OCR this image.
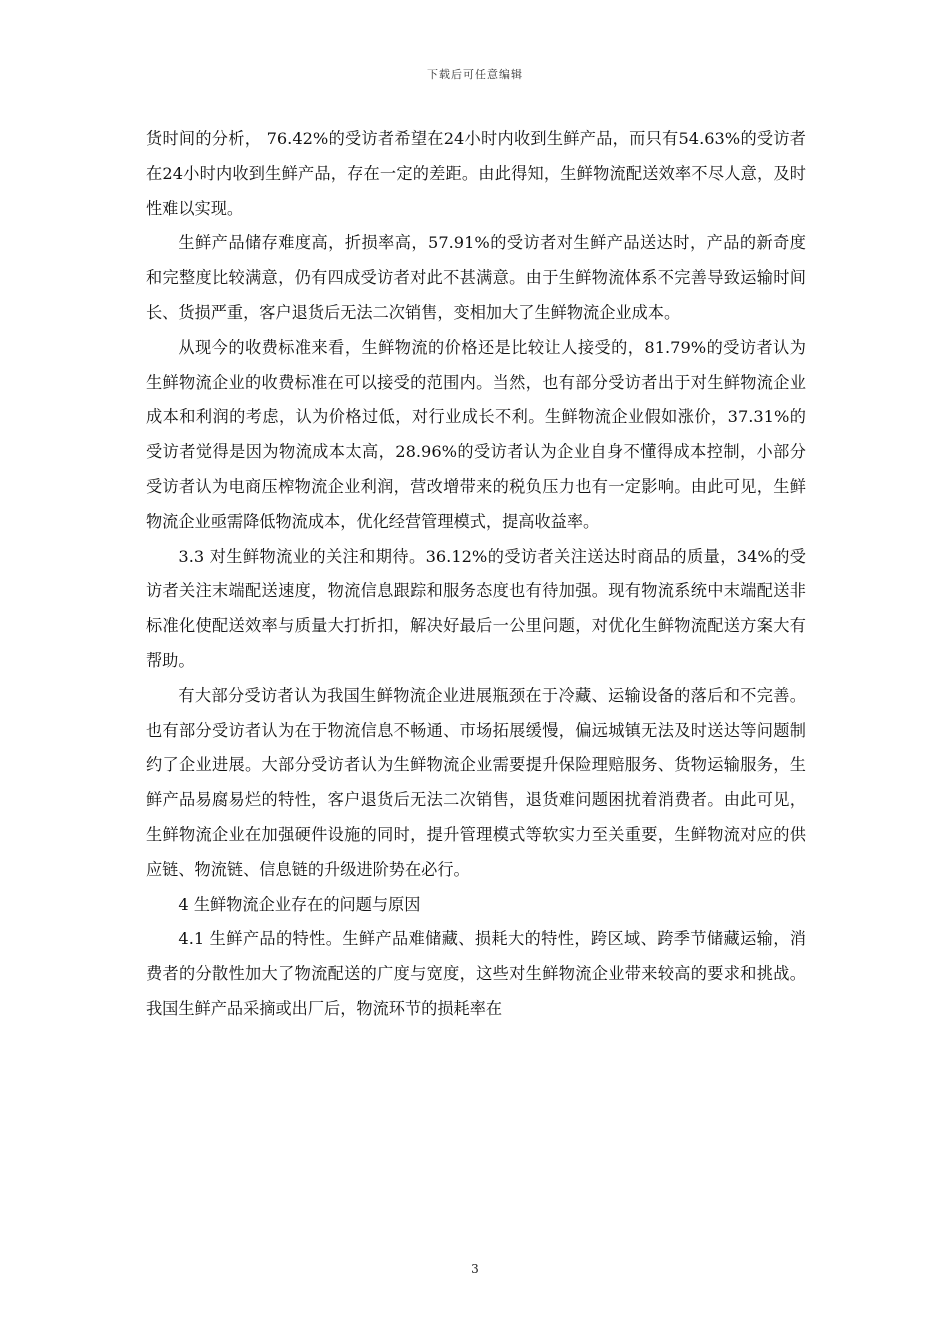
下载后可任意编辑

货时间的分析， 76.42%的受访者希望在24小时内收到生鲜产品，而只有54.63%的受访者在24小时内收到生鲜产品，存在一定的差距。由此得知，生鲜物流配送效率不尽人意，及时性难以实现。

生鲜产品储存难度高，折损率高，57.91%的受访者对生鲜产品送达时，产品的新奇度和完整度比较满意，仍有四成受访者对此不甚满意。由于生鲜物流体系不完善导致运输时间长、货损严重，客户退货后无法二次销售，变相加大了生鲜物流企业成本。

从现今的收费标准来看，生鲜物流的价格还是比较让人接受的，81.79%的受访者认为生鲜物流企业的收费标准在可以接受的范围内。当然，也有部分受访者出于对生鲜物流企业成本和利润的考虑，认为价格过低，对行业成长不利。生鲜物流企业假如涨价，37.31%的受访者觉得是因为物流成本太高，28.96%的受访者认为企业自身不懂得成本控制，小部分受访者认为电商压榨物流企业利润，营改增带来的税负压力也有一定影响。由此可见，生鲜物流企业亟需降低物流成本，优化经营管理模式，提高收益率。

3.3 对生鲜物流业的关注和期待。36.12%的受访者关注送达时商品的质量，34%的受访者关注末端配送速度，物流信息跟踪和服务态度也有待加强。现有物流系统中末端配送非标准化使配送效率与质量大打折扣，解决好最后一公里问题，对优化生鲜物流配送方案大有帮助。

有大部分受访者认为我国生鲜物流企业进展瓶颈在于冷藏、运输设备的落后和不完善。也有部分受访者认为在于物流信息不畅通、市场拓展缓慢，偏远城镇无法及时送达等问题制约了企业进展。大部分受访者认为生鲜物流企业需要提升保险理赔服务、货物运输服务，生鲜产品易腐易烂的特性，客户退货后无法二次销售，退货难问题困扰着消费者。由此可见，生鲜物流企业在加强硬件设施的同时，提升管理模式等软实力至关重要，生鲜物流对应的供应链、物流链、信息链的升级进阶势在必行。

4 生鲜物流企业存在的问题与原因

4.1 生鲜产品的特性。生鲜产品难储藏、损耗大的特性，跨区域、跨季节储藏运输，消费者的分散性加大了物流配送的广度与宽度，这些对生鲜物流企业带来较高的要求和挑战。我国生鲜产品采摘或出厂后，物流环节的损耗率在

3
